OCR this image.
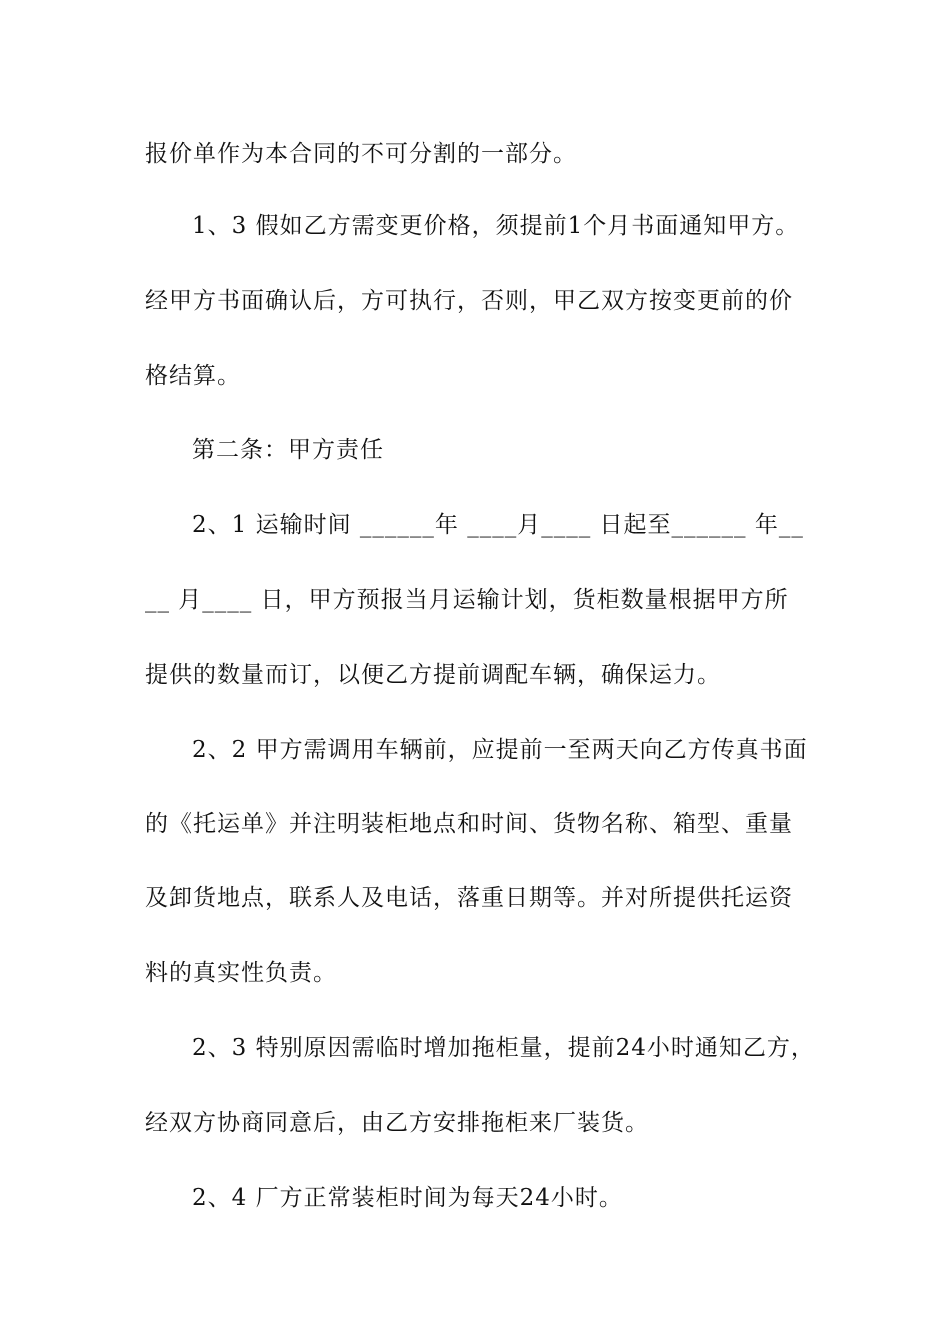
报价单作为本合同的不可分割的一部分。
1、3 假如乙方需变更价格，须提前1个月书面通知甲方。
经甲方书面确认后，方可执行，否则，甲乙双方按变更前的价
格结算。
第二条：甲方责任
2、1 运输时间 ______年 ____月____ 日起至______ 年__
__ 月____ 日，甲方预报当月运输计划，货柜数量根据甲方所
提供的数量而订，以便乙方提前调配车辆，确保运力。
2、2 甲方需调用车辆前，应提前一至两天向乙方传真书面
的《托运单》并注明装柜地点和时间、货物名称、箱型、重量
及卸货地点，联系人及电话，落重日期等。并对所提供托运资
料的真实性负责。
2、3 特别原因需临时增加拖柜量，提前24小时通知乙方，
经双方协商同意后，由乙方安排拖柜来厂装货。
2、4 厂方正常装柜时间为每天24小时。
